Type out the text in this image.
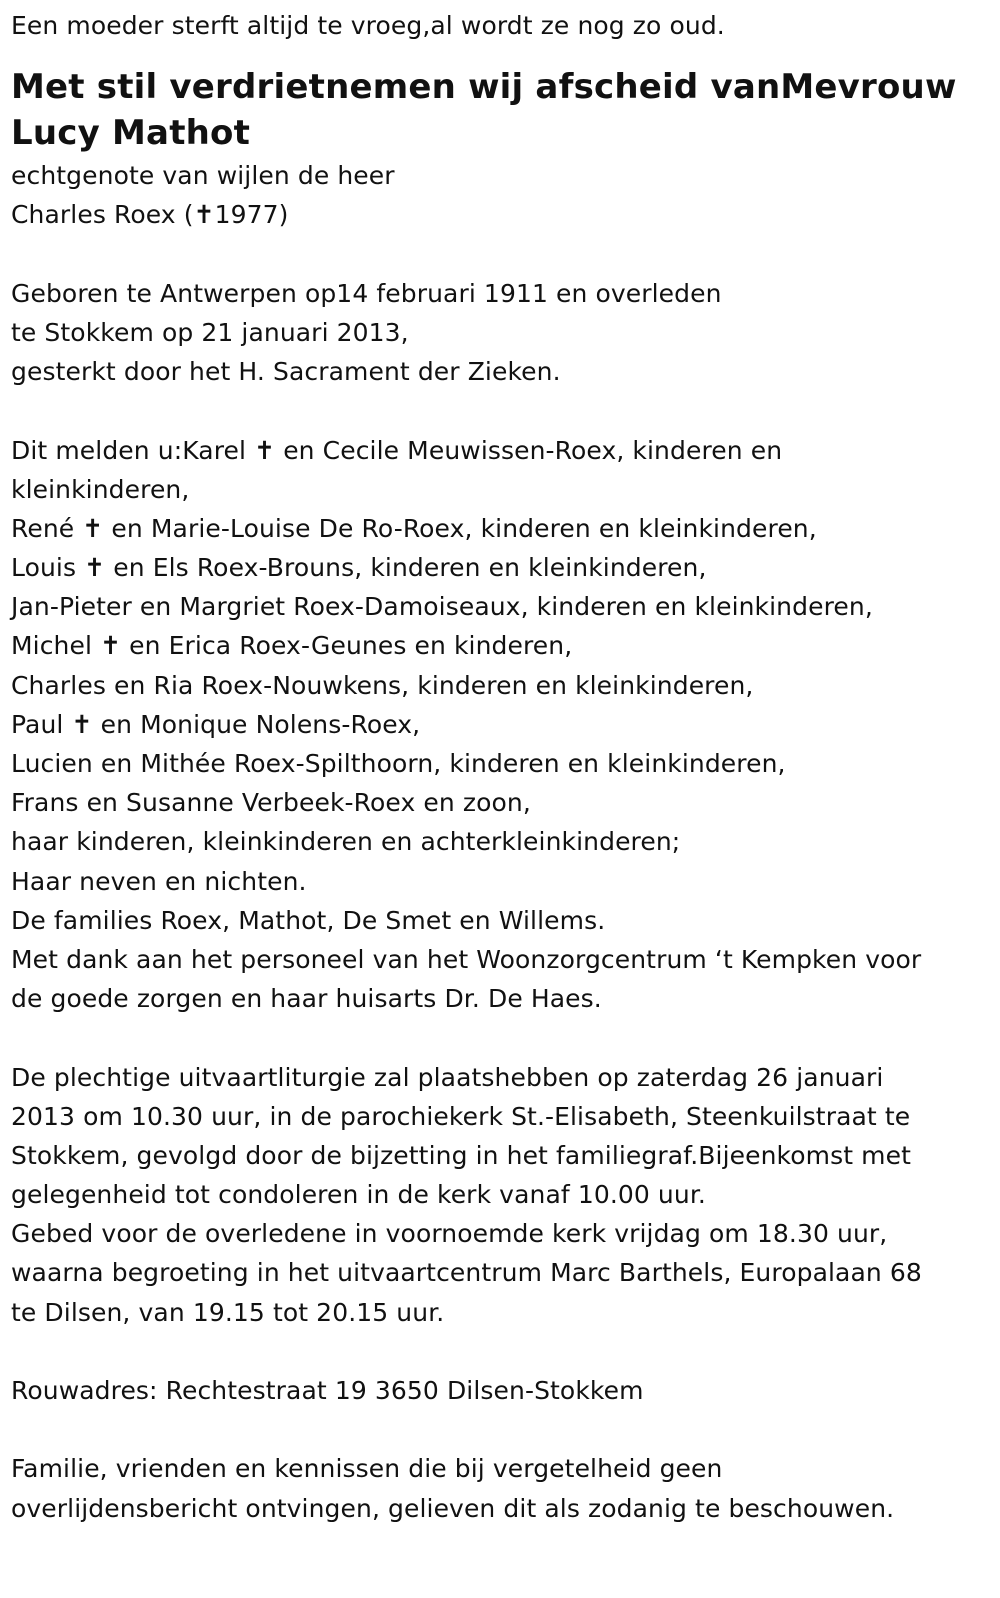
Een moeder sterft altijd te vroeg,al wordt ze nog zo oud.
Met stil verdrietnemen wij afscheid vanMevrouw
Lucy Mathot
echtgenote van wijlen de heer
Charles Roex (✝1977)
Geboren te Antwerpen op14 februari 1911 en overleden
te Stokkem op 21 januari 2013,
gesterkt door het H. Sacrament der Zieken.
Dit melden u:Karel ✝ en Cecile Meuwissen-Roex, kinderen en
kleinkinderen,
René ✝ en Marie-Louise De Ro-Roex, kinderen en kleinkinderen,
Louis ✝ en Els Roex-Brouns, kinderen en kleinkinderen,
Jan-Pieter en Margriet Roex-Damoiseaux, kinderen en kleinkinderen,
Michel ✝ en Erica Roex-Geunes en kinderen,
Charles en Ria Roex-Nouwkens, kinderen en kleinkinderen,
Paul ✝ en Monique Nolens-Roex,
Lucien en Mithée Roex-Spilthoorn, kinderen en kleinkinderen,
Frans en Susanne Verbeek-Roex en zoon,
haar kinderen, kleinkinderen en achterkleinkinderen;
Haar neven en nichten.
De families Roex, Mathot, De Smet en Willems.
Met dank aan het personeel van het Woonzorgcentrum ‘t Kempken voor
de goede zorgen en haar huisarts Dr. De Haes.
De plechtige uitvaartliturgie zal plaatshebben op zaterdag 26 januari
2013 om 10.30 uur, in de parochiekerk St.-Elisabeth, Steenkuilstraat te
Stokkem, gevolgd door de bijzetting in het familiegraf.Bijeenkomst met
gelegenheid tot condoleren in de kerk vanaf 10.00 uur.
Gebed voor de overledene in voornoemde kerk vrijdag om 18.30 uur,
waarna begroeting in het uitvaartcentrum Marc Barthels, Europalaan 68
te Dilsen, van 19.15 tot 20.15 uur.
Rouwadres: Rechtestraat 19 3650 Dilsen-Stokkem
Familie, vrienden en kennissen die bij vergetelheid geen
overlijdensbericht ontvingen, gelieven dit als zodanig te beschouwen.
